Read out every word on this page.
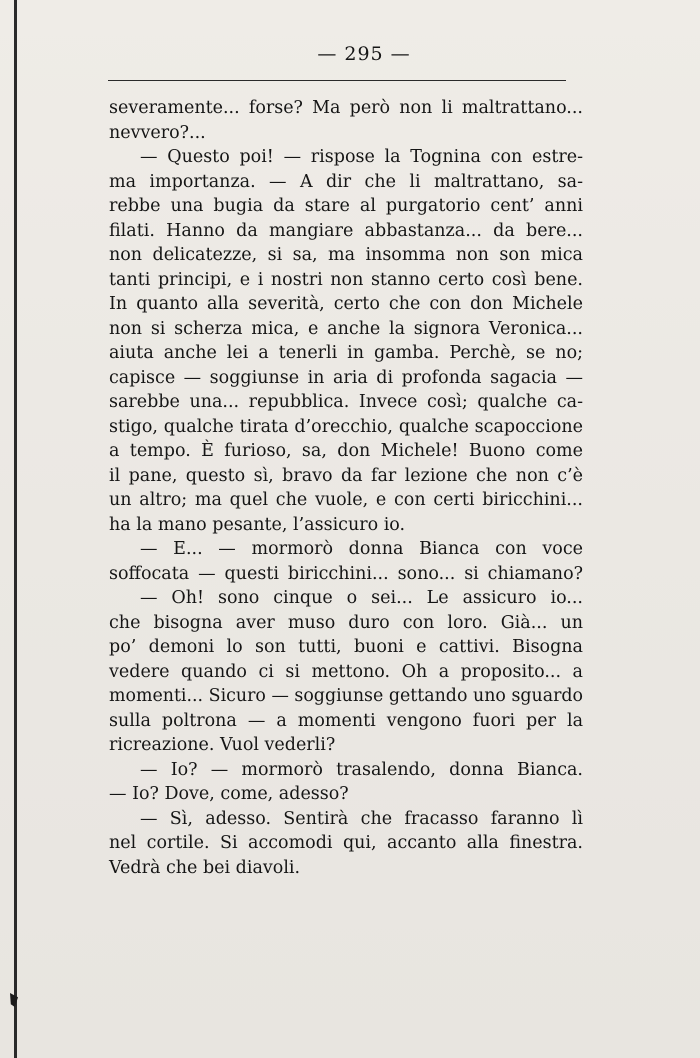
— 295 —
severamente... forse? Ma però non li maltrattano...
nevvero?...
— Questo poi! — rispose la Tognina con estre-
ma importanza. — A dir che li maltrattano, sa-
rebbe una bugia da stare al purgatorio cent’ anni
filati. Hanno da mangiare abbastanza... da bere...
non delicatezze, si sa, ma insomma non son mica
tanti principi, e i nostri non stanno certo così bene.
In quanto alla severità, certo che con don Michele
non si scherza mica, e anche la signora Veronica...
aiuta anche lei a tenerli in gamba. Perchè, se no;
capisce — soggiunse in aria di profonda sagacia —
sarebbe una... repubblica. Invece così; qualche ca-
stigo, qualche tirata d’orecchio, qualche scapoccione
a tempo. È furioso, sa, don Michele! Buono come
il pane, questo sì, bravo da far lezione che non c’è
un altro; ma quel che vuole, e con certi biricchini...
ha la mano pesante, l’assicuro io.
— E... — mormorò donna Bianca con voce
soffocata — questi biricchini... sono... si chiamano?
— Oh! sono cinque o sei... Le assicuro io...
che bisogna aver muso duro con loro. Già... un
po’ demoni lo son tutti, buoni e cattivi. Bisogna
vedere quando ci si mettono. Oh a proposito... a
momenti... Sicuro — soggiunse gettando uno sguardo
sulla poltrona — a momenti vengono fuori per la
ricreazione. Vuol vederli?
— Io? — mormorò trasalendo, donna Bianca.
— Io? Dove, come, adesso?
— Sì, adesso. Sentirà che fracasso faranno lì
nel cortile. Si accomodi qui, accanto alla finestra.
Vedrà che bei diavoli.
